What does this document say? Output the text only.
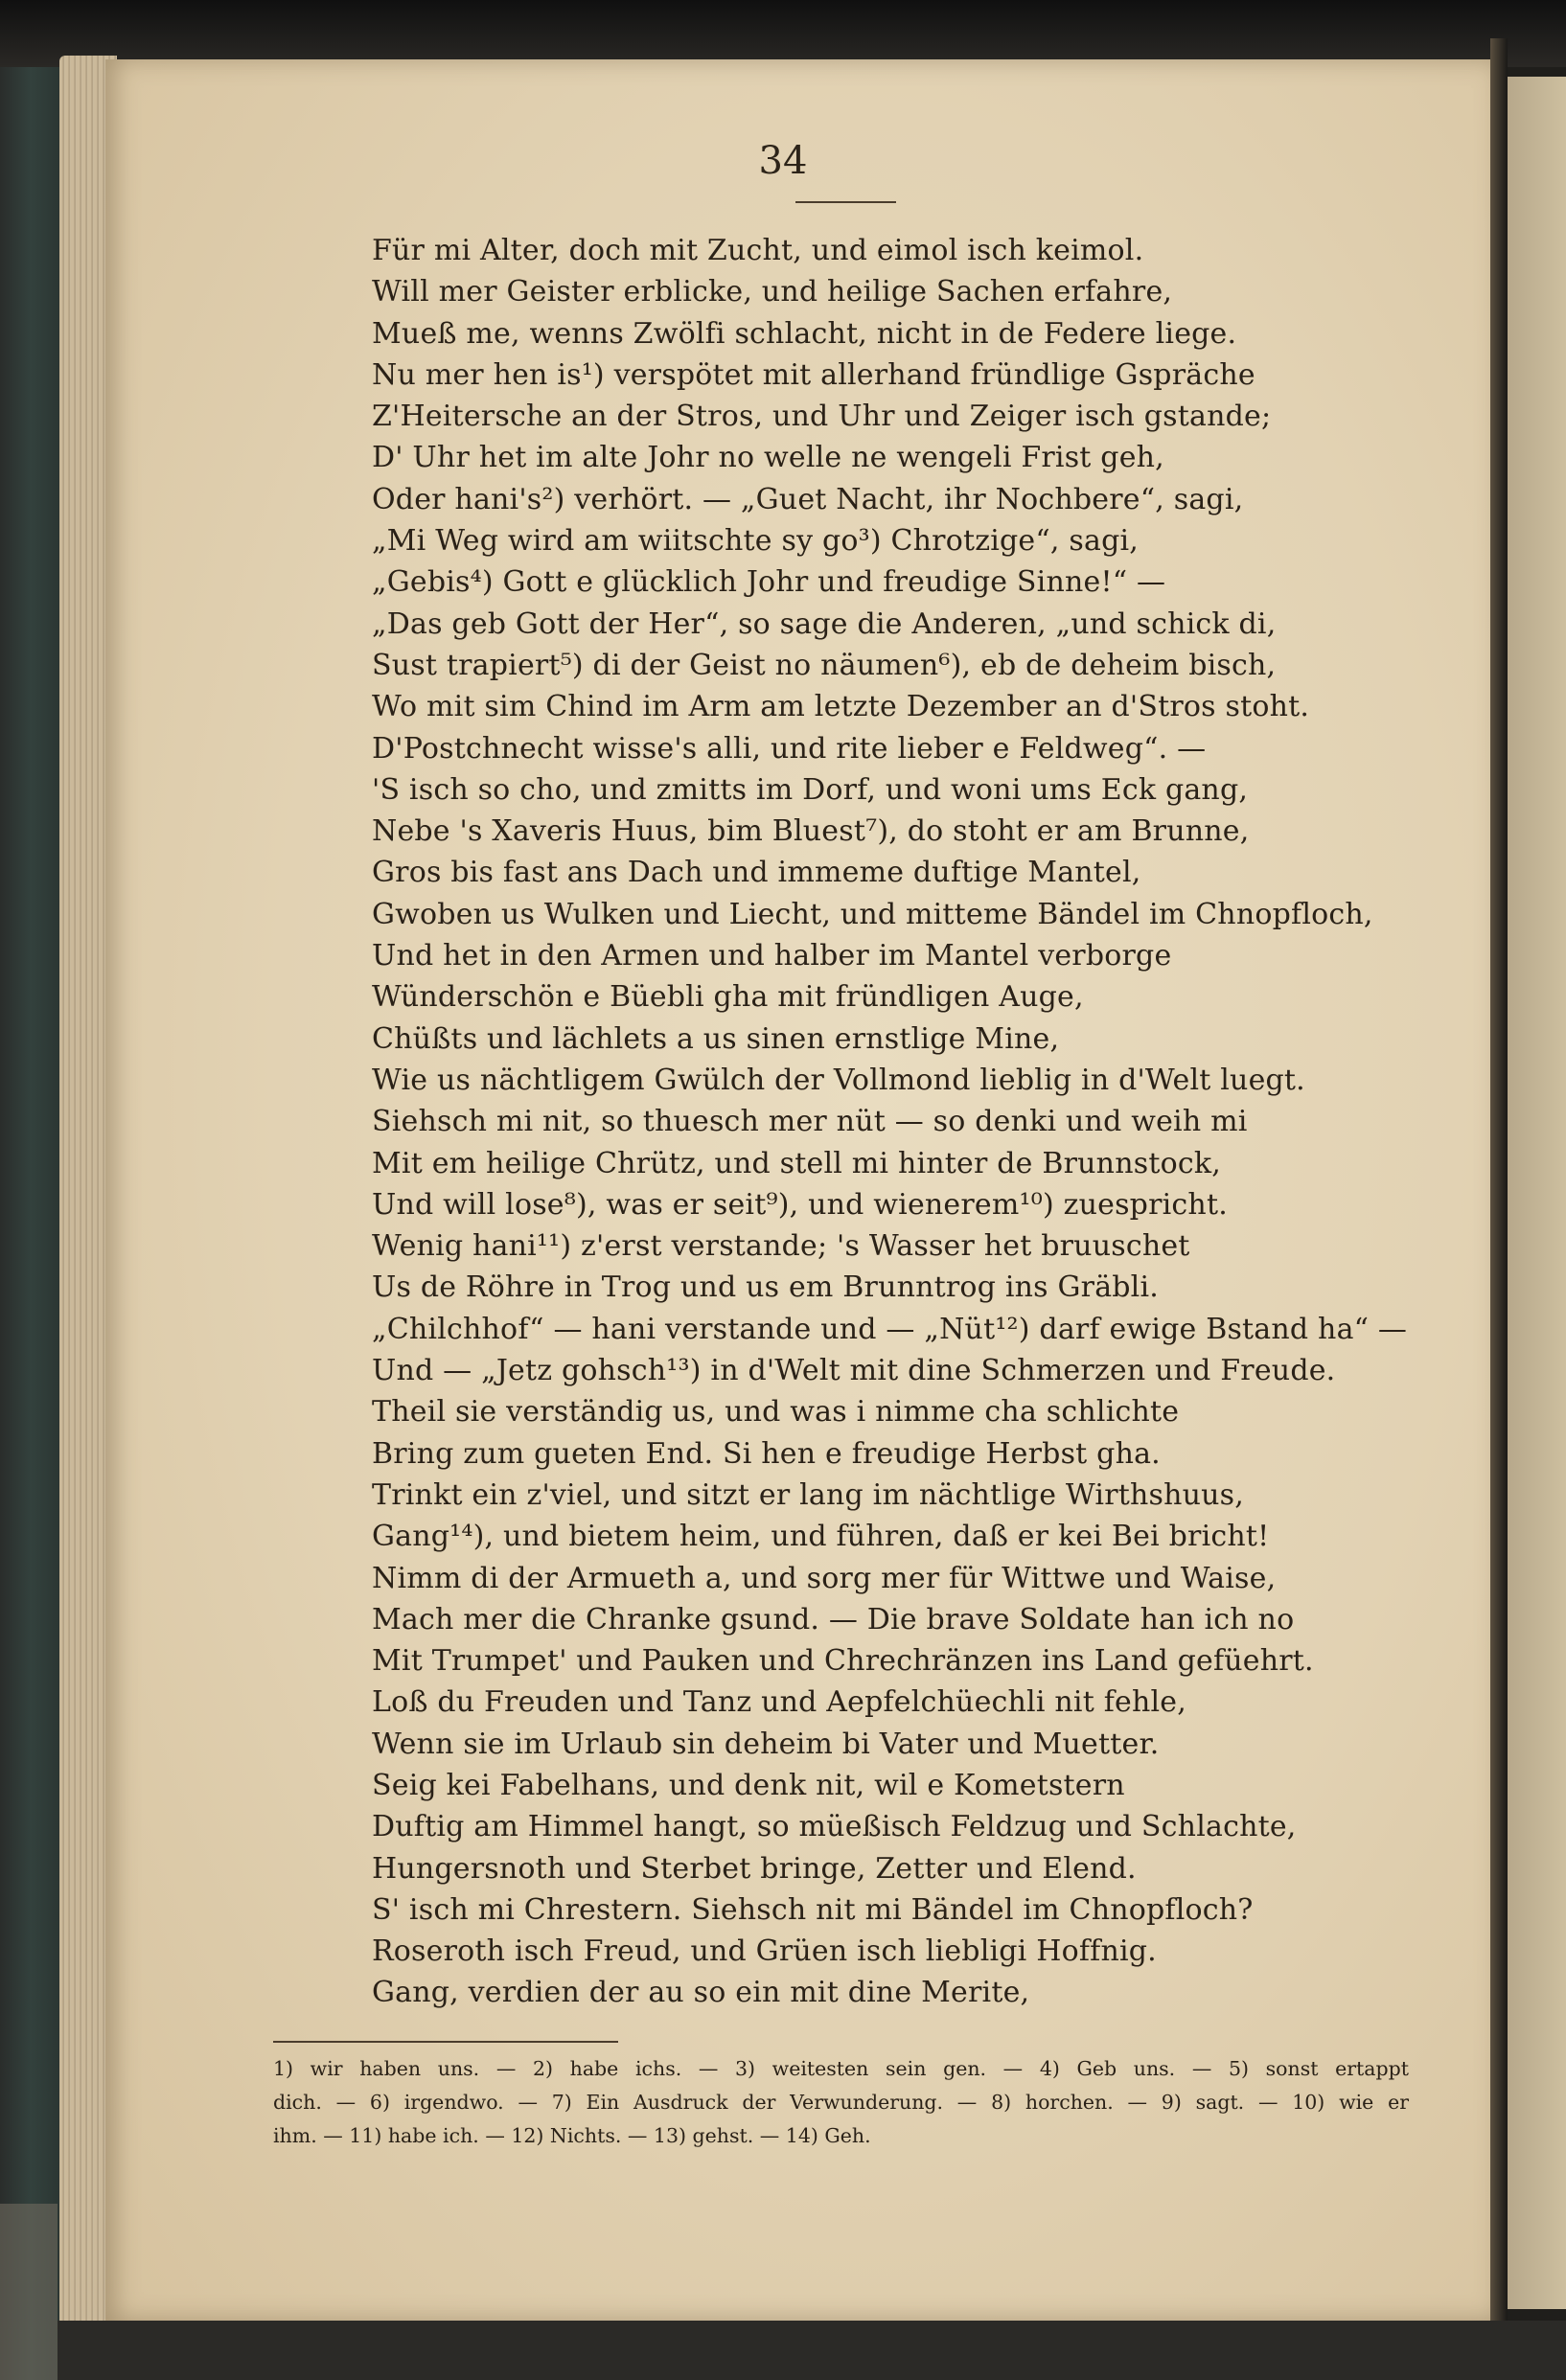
34
Für mi Alter, doch mit Zucht, und eimol isch keimol.
Will mer Geister erblicke, und heilige Sachen erfahre,
Mueß me, wenns Zwölfi schlacht, nicht in de Federe liege.
Nu mer hen is¹) verspötet mit allerhand fründlige Gspräche
Z'Heitersche an der Stros, und Uhr und Zeiger isch gstande;
D' Uhr het im alte Johr no welle ne wengeli Frist geh,
Oder hani's²) verhört. — „Guet Nacht, ihr Nochbere“, sagi,
„Mi Weg wird am wiitschte sy go³) Chrotzige“, sagi,
„Gebis⁴) Gott e glücklich Johr und freudige Sinne!“ —
„Das geb Gott der Her“, so sage die Anderen, „und schick di,
Sust trapiert⁵) di der Geist no näumen⁶), eb de deheim bisch,
Wo mit sim Chind im Arm am letzte Dezember an d'Stros stoht.
D'Postchnecht wisse's alli, und rite lieber e Feldweg“. —
'S isch so cho, und zmitts im Dorf, und woni ums Eck gang,
Nebe 's Xaveris Huus, bim Bluest⁷), do stoht er am Brunne,
Gros bis fast ans Dach und immeme duftige Mantel,
Gwoben us Wulken und Liecht, und mitteme Bändel im Chnopfloch,
Und het in den Armen und halber im Mantel verborge
Wünderschön e Büebli gha mit fründligen Auge,
Chüßts und lächlets a us sinen ernstlige Mine,
Wie us nächtligem Gwülch der Vollmond lieblig in d'Welt luegt.
Siehsch mi nit, so thuesch mer nüt — so denki und weih mi
Mit em heilige Chrütz, und stell mi hinter de Brunnstock,
Und will lose⁸), was er seit⁹), und wienerem¹⁰) zuespricht.
Wenig hani¹¹) z'erst verstande; 's Wasser het bruuschet
Us de Röhre in Trog und us em Brunntrog ins Gräbli.
„Chilchhof“ — hani verstande und — „Nüt¹²) darf ewige Bstand ha“ —
Und — „Jetz gohsch¹³) in d'Welt mit dine Schmerzen und Freude.
Theil sie verständig us, und was i nimme cha schlichte
Bring zum gueten End. Si hen e freudige Herbst gha.
Trinkt ein z'viel, und sitzt er lang im nächtlige Wirthshuus,
Gang¹⁴), und bietem heim, und führen, daß er kei Bei bricht!
Nimm di der Armueth a, und sorg mer für Wittwe und Waise,
Mach mer die Chranke gsund. — Die brave Soldate han ich no
Mit Trumpet' und Pauken und Chrechränzen ins Land gefüehrt.
Loß du Freuden und Tanz und Aepfelchüechli nit fehle,
Wenn sie im Urlaub sin deheim bi Vater und Muetter.
Seig kei Fabelhans, und denk nit, wil e Kometstern
Duftig am Himmel hangt, so müeßisch Feldzug und Schlachte,
Hungersnoth und Sterbet bringe, Zetter und Elend.
S' isch mi Chrestern. Siehsch nit mi Bändel im Chnopfloch?
Roseroth isch Freud, und Grüen isch liebligi Hoffnig.
Gang, verdien der au so ein mit dine Merite,
1) wir haben uns. — 2) habe ichs. — 3) weitesten sein gen. — 4) Geb uns. — 5) sonst ertappt
dich. — 6) irgendwo. — 7) Ein Ausdruck der Verwunderung. — 8) horchen. — 9) sagt. — 10) wie er
ihm. — 11) habe ich. — 12) Nichts. — 13) gehst. — 14) Geh.
